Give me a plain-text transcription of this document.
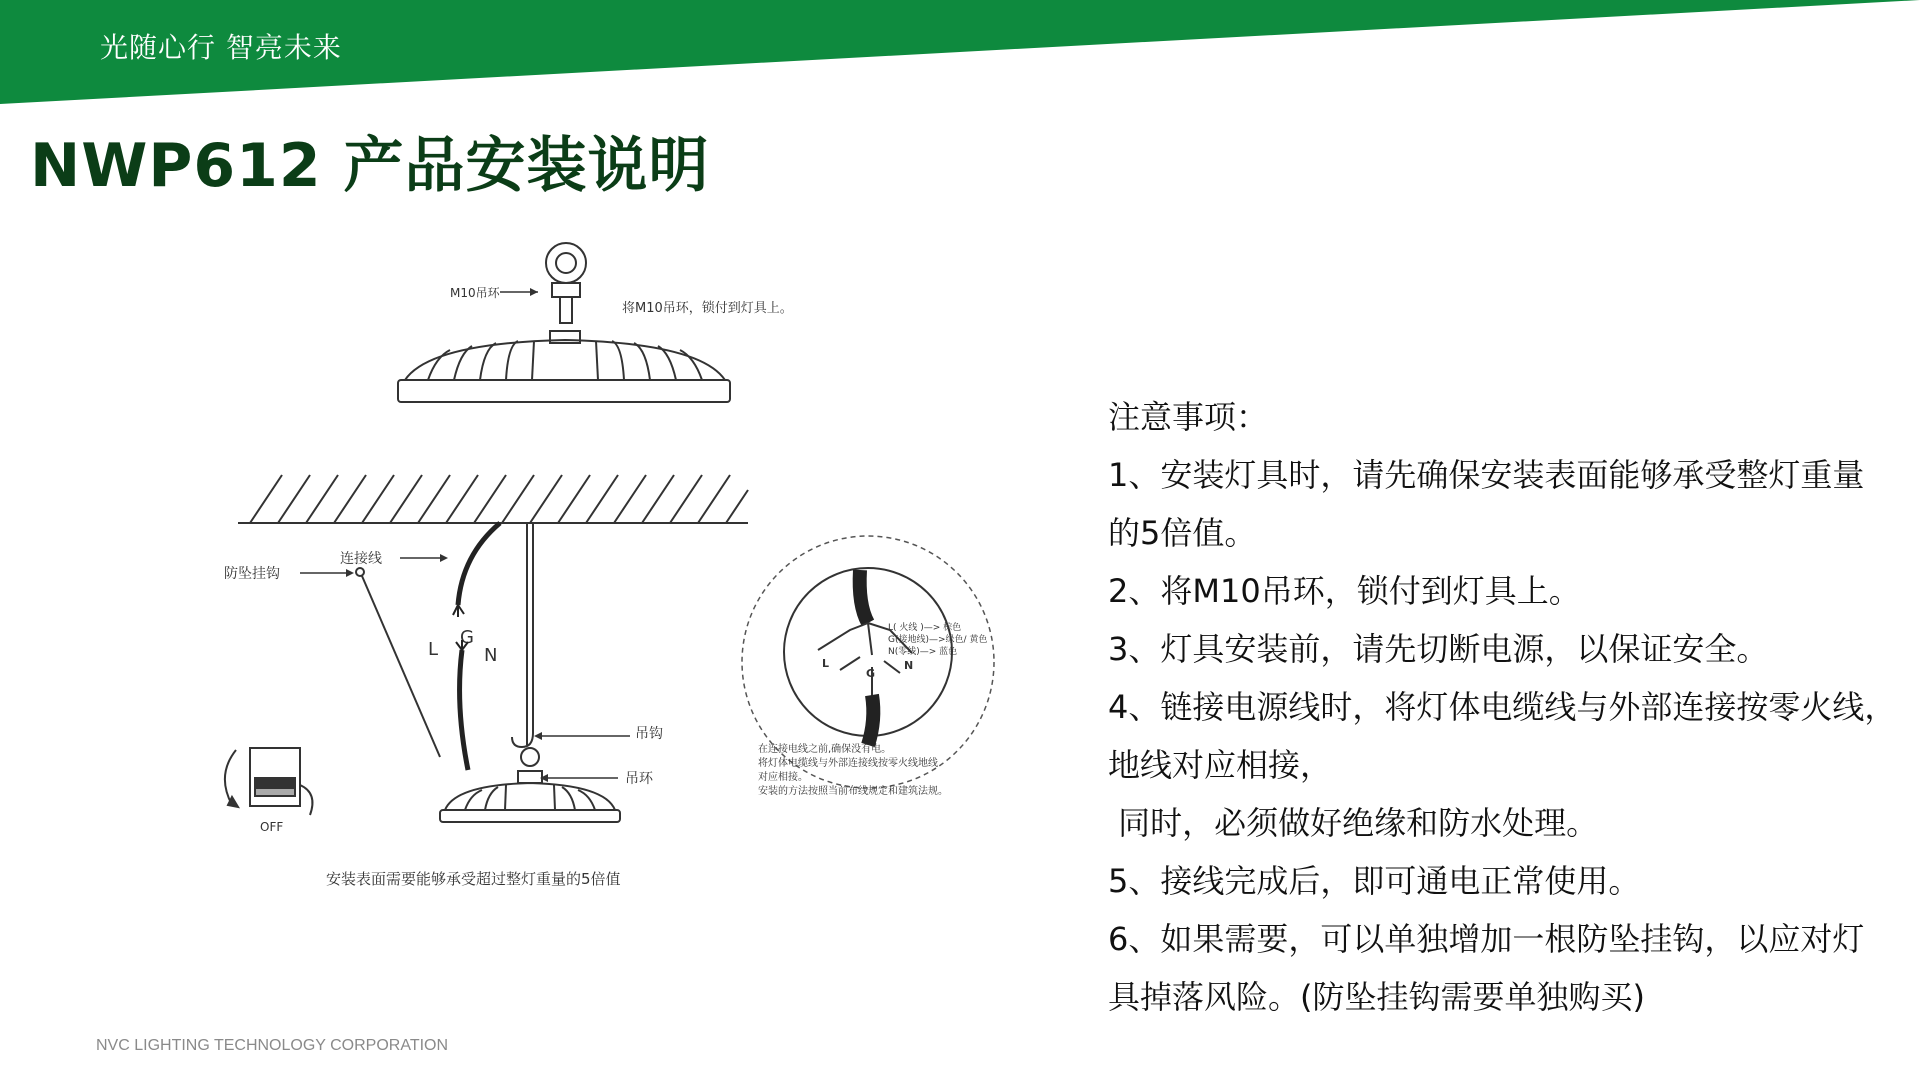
光随心行 智亮未来
NWP612 产品安装说明
M10吊环
将M10吊环，锁付到灯具上。
连接线
L
G
N
防坠挂钩
吊钩
吊环
安装表面需要能够承受超过整灯重量的5倍值
OFF
L( 火线 )—> 棕色
G(接地线)—>绿色/ 黄色
N(零线)—> 蓝色
L
G
N
在连接电线之前,确保没有电。
将灯体电缆线与外部连接线按零火线地线
对应相接。
安装的方法按照当前布线规定和建筑法规。
注意事项：
1、安装灯具时，请先确保安装表面能够承受整灯重量
的5倍值。
2、将M10吊环，锁付到灯具上。
3、灯具安装前，请先切断电源，以保证安全。
4、链接电源线时，将灯体电缆线与外部连接按零火线，
地线对应相接，
同时，必须做好绝缘和防水处理。
5、接线完成后，即可通电正常使用。
6、如果需要，可以单独增加一根防坠挂钩，以应对灯
具掉落风险。(防坠挂钩需要单独购买)
NVC LIGHTING TECHNOLOGY CORPORATION
